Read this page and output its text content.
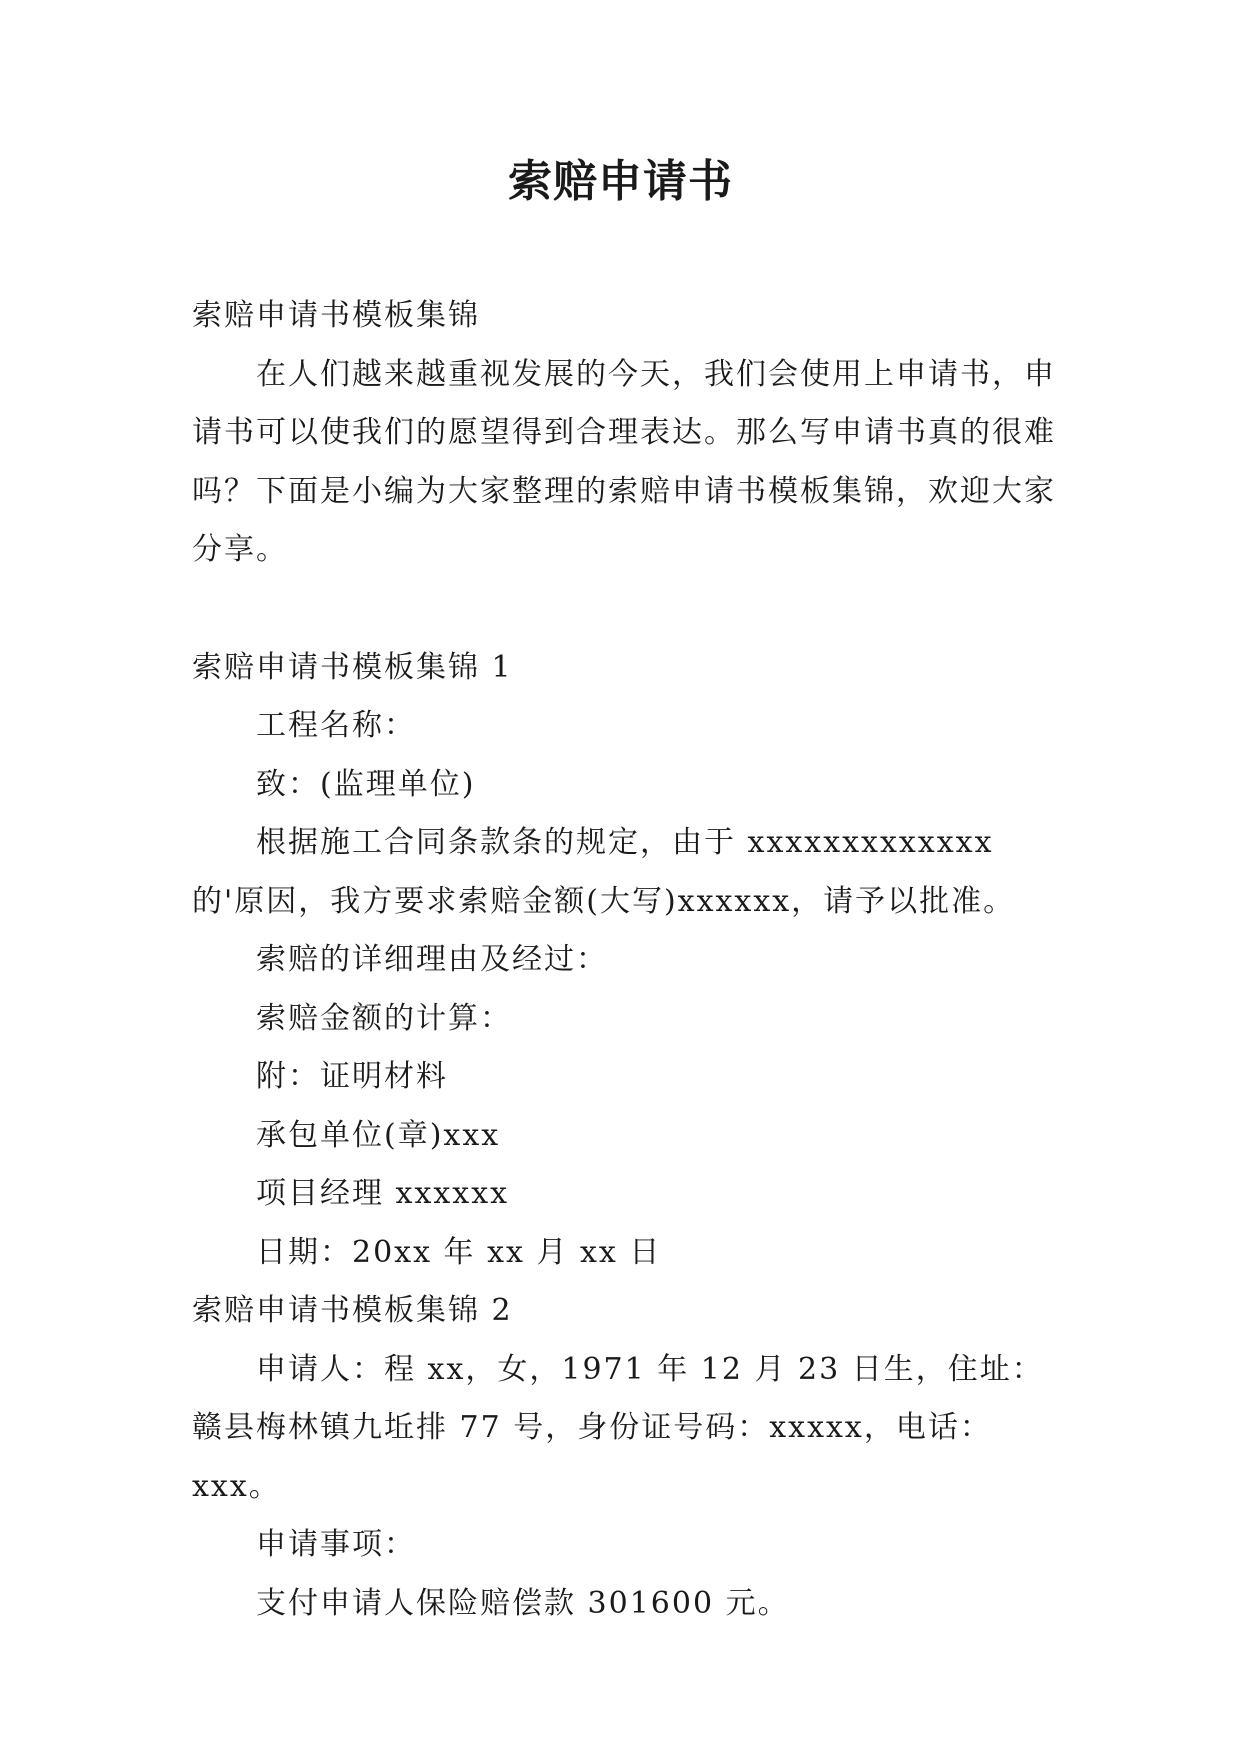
索赔申请书

索赔申请书模板集锦

在人们越来越重视发展的今天，我们会使用上申请书，申请书可以使我们的愿望得到合理表达。那么写申请书真的很难吗？下面是小编为大家整理的索赔申请书模板集锦，欢迎大家分享。

索赔申请书模板集锦 1

工程名称：

致：(监理单位)

根据施工合同条款条的规定，由于 xxxxxxxxxxxxx 的'原因，我方要求索赔金额(大写)xxxxxx，请予以批准。

索赔的详细理由及经过：

索赔金额的计算：

附：证明材料

承包单位(章)xxx

项目经理 xxxxxx

日期：20xx 年 xx 月 xx 日

索赔申请书模板集锦 2

申请人：程 xx，女，1971 年 12 月 23 日生，住址：赣县梅林镇九坵排 77 号，身份证号码：xxxxx，电话：xxx。

申请事项：

支付申请人保险赔偿款 301600 元。
